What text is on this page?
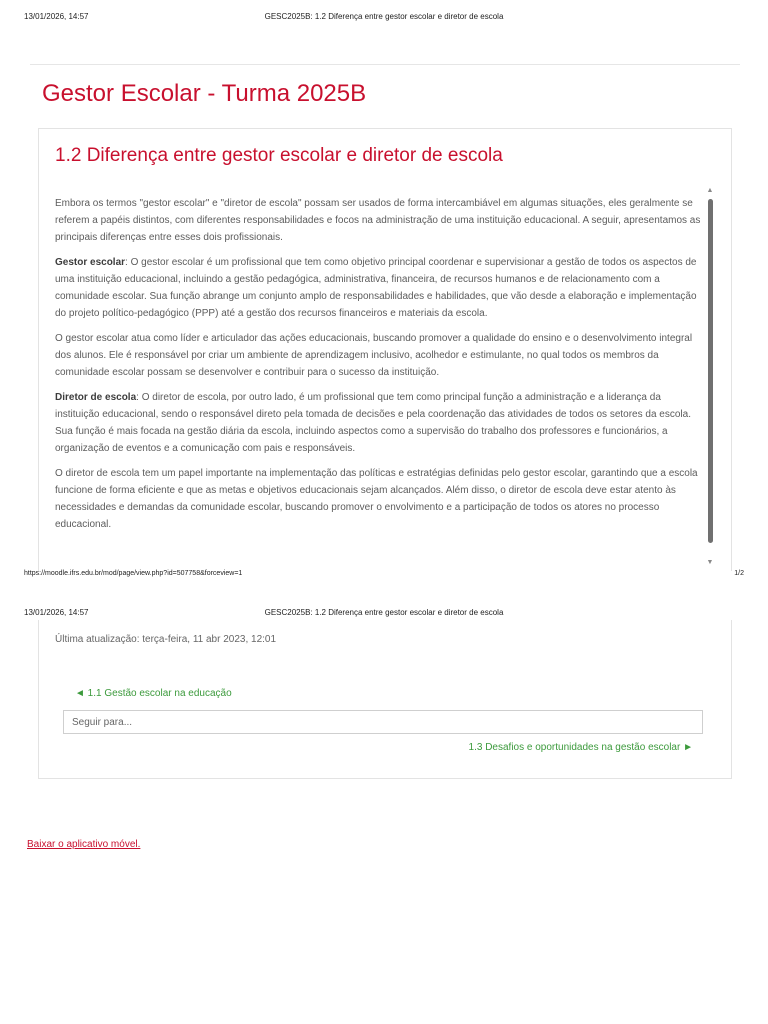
13/01/2026, 14:57	GESC2025B: 1.2 Diferença entre gestor escolar e diretor de escola
Gestor Escolar - Turma 2025B
1.2 Diferença entre gestor escolar e diretor de escola

Embora os termos "gestor escolar" e "diretor de escola" possam ser usados de forma intercambiável em algumas situações, eles geralmente se referem a papéis distintos, com diferentes responsabilidades e focos na administração de uma instituição educacional. A seguir, apresentamos as principais diferenças entre esses dois profissionais.

Gestor escolar: O gestor escolar é um profissional que tem como objetivo principal coordenar e supervisionar a gestão de todos os aspectos de uma instituição educacional, incluindo a gestão pedagógica, administrativa, financeira, de recursos humanos e de relacionamento com a comunidade escolar. Sua função abrange um conjunto amplo de responsabilidades e habilidades, que vão desde a elaboração e implementação do projeto político-pedagógico (PPP) até a gestão dos recursos financeiros e materiais da escola.

O gestor escolar atua como líder e articulador das ações educacionais, buscando promover a qualidade do ensino e o desenvolvimento integral dos alunos. Ele é responsável por criar um ambiente de aprendizagem inclusivo, acolhedor e estimulante, no qual todos os membros da comunidade escolar possam se desenvolver e contribuir para o sucesso da instituição.

Diretor de escola: O diretor de escola, por outro lado, é um profissional que tem como principal função a administração e a liderança da instituição educacional, sendo o responsável direto pela tomada de decisões e pela coordenação das atividades de todos os setores da escola. Sua função é mais focada na gestão diária da escola, incluindo aspectos como a supervisão do trabalho dos professores e funcionários, a organização de eventos e a comunicação com pais e responsáveis.

O diretor de escola tem um papel importante na implementação das políticas e estratégias definidas pelo gestor escolar, garantindo que a escola funcione de forma eficiente e que as metas e objetivos educacionais sejam alcançados. Além disso, o diretor de escola deve estar atento às necessidades e demandas da comunidade escolar, buscando promover o envolvimento e a participação de todos os atores no processo educacional.

▲
▼
https://moodle.ifrs.edu.br/mod/page/view.php?id=507758&forceview=1	1/2
13/01/2026, 14:57	GESC2025B: 1.2 Diferença entre gestor escolar e diretor de escola
Última atualização: terça-feira, 11 abr 2023, 12:01
◄ 1.1 Gestão escolar na educação
Seguir para...
1.3 Desafios e oportunidades na gestão escolar ►
Baixar o aplicativo móvel.
